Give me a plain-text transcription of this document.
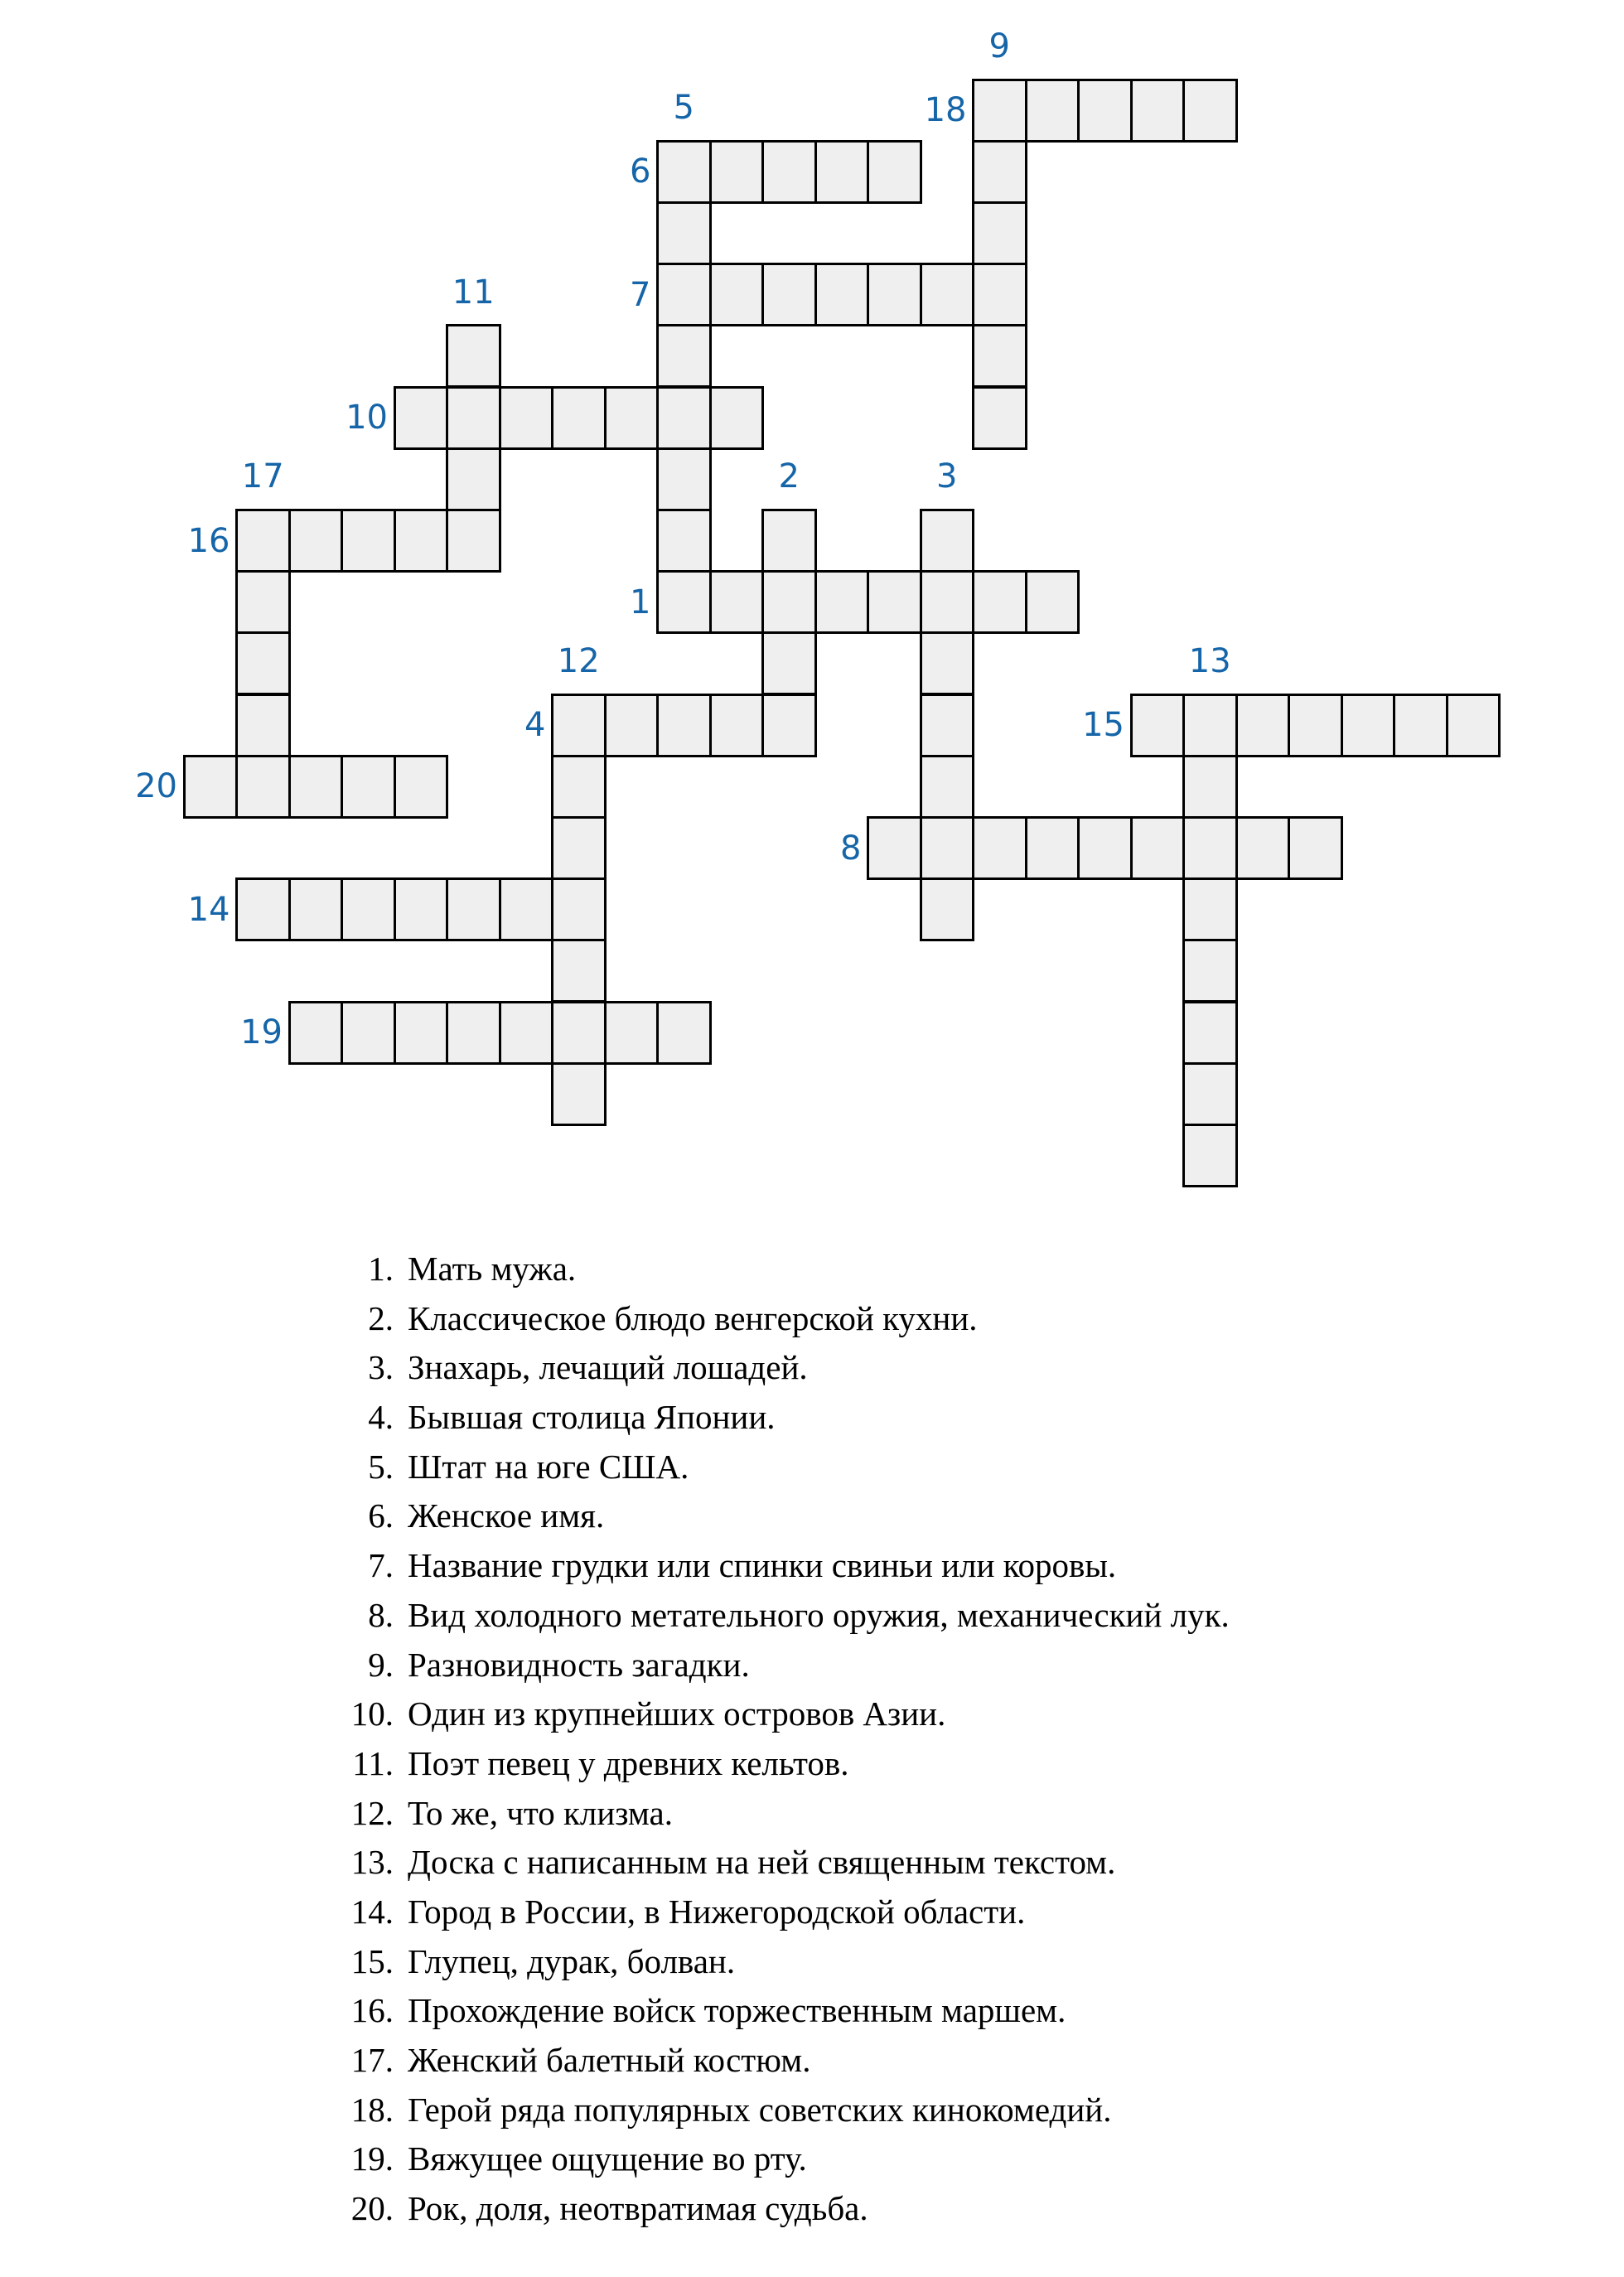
1
2	3
4
5
6
7
8
9
10
11
12	13
14
15
16
17
18
19
20
1. Мать мужа.
2. Классическое блюдо венгерской кухни.
3. Знахарь, лечащий лошадей.
4. Бывшая столица Японии.
5. Штат на юге США.
6. Женское имя.
7. Название грудки или спинки свиньи или коровы.
8. Вид холодного метательного оружия, механический лук.
9. Разновидность загадки.
10. Один из крупнейших островов Азии.
11. Поэт певец у древних кельтов.
12. То же, что клизма.
13. Доска с написанным на ней священным текстом.
14. Город в России, в Нижегородской области.
15. Глупец, дурак, болван.
16. Прохождение войск торжественным маршем.
17. Женский балетный костюм.
18. Герой ряда популярных советских кинокомедий.
19. Вяжущее ощущение во рту.
20. Рок, доля, неотвратимая судьба.
